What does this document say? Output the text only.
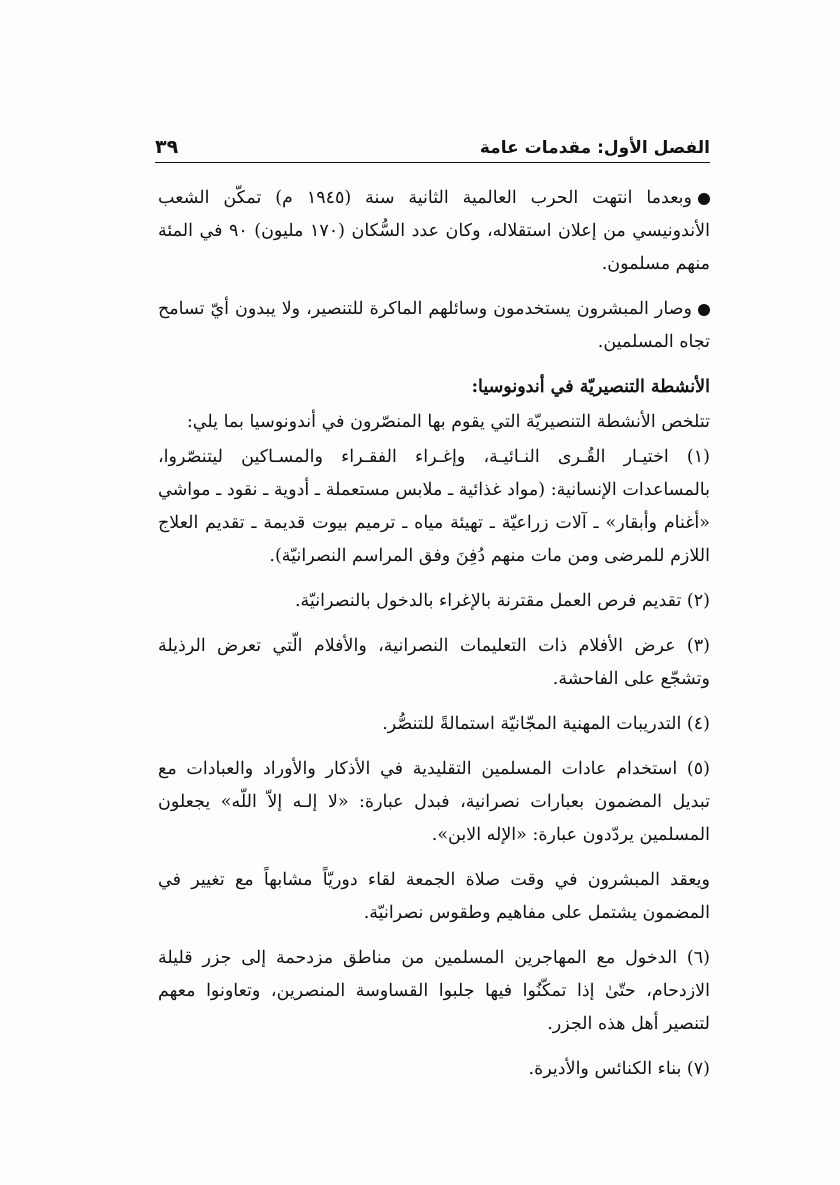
الفصل الأول: مقدمات عامة
٣٩

وبعدما انتهت الحرب العالمية الثانية سنة (١٩٤٥ م) تمكّن الشعب الأندونيسي من إعلان استقلاله، وكان عدد السُّكان (١٧٠ مليون) ٩٠ في المئة منهم مسلمون.

وصار المبشرون يستخدمون وسائلهم الماكرة للتنصير، ولا يبدون أيّ تسامح تجاه المسلمين.

الأنشطة التنصيريّة في أندونوسيا:

تتلخص الأنشطة التنصيريّة التي يقوم بها المنصّرون في أندونوسيا بما يلي:

(١) اختيـار القُـرى النـائيـة، وإغـراء الفقـراء والمسـاكين ليتنصّروا، بالمساعدات الإنسانية: (مواد غذائية ـ ملابس مستعملة ـ أدوية ـ نقود ـ مواشي «أغنام وأبقار» ـ آلات زراعيّة ـ تهيئة مياه ـ ترميم بيوت قديمة ـ تقديم العلاج اللازم للمرضى ومن مات منهم دُفِنَ وفق المراسم النصرانيّة).

(٢) تقديم فرص العمل مقترنة بالإغراء بالدخول بالنصرانيّة.

(٣) عرض الأفلام ذات التعليمات النصرانية، والأفلام الّتي تعرض الرذيلة وتشجّع على الفاحشة.

(٤) التدريبات المهنية المجّانيّة استمالةً للتنصُّر.

(٥) استخدام عادات المسلمين التقليدية في الأذكار والأوراد والعبادات مع تبديل المضمون بعبارات نصرانية، فبدل عبارة: «لا إلـه إلاّ اللّه» يجعلون المسلمين يردّدون عبارة: «الإله الابن».

ويعقد المبشرون في وقت صلاة الجمعة لقاء دوريّاً مشابهاً مع تغيير في المضمون يشتمل على مفاهيم وطقوس نصرانيّة.

(٦) الدخول مع المهاجرين المسلمين من مناطق مزدحمة إلى جزر قليلة الازدحام، حتّىٰ إذا تمكّنُوا فيها جلبوا القساوسة المنصرين، وتعاونوا معهم لتنصير أهل هذه الجزر.

(٧) بناء الكنائس والأديرة.
